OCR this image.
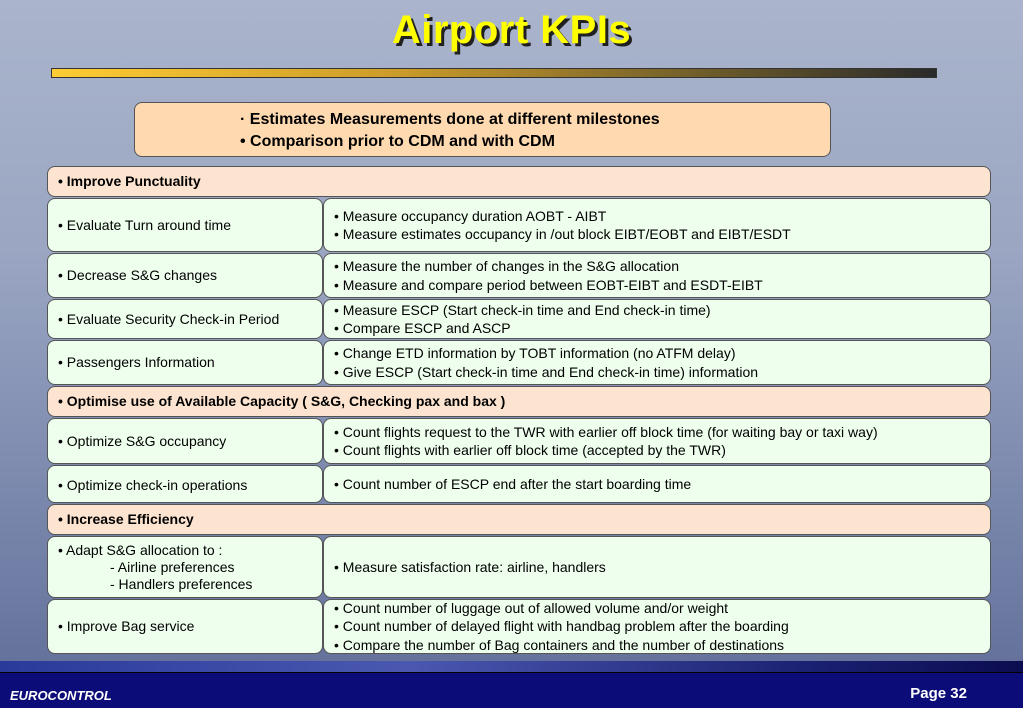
Airport KPIs
· Estimates Measurements done at different milestones
• Comparison prior to CDM and with CDM
• Improve Punctuality
• Evaluate Turn around time
• Measure occupancy duration AOBT - AIBT
• Measure estimates occupancy in /out block EIBT/EOBT and EIBT/ESDT
• Decrease S&G changes
• Measure the number of changes in the S&G allocation
• Measure and compare period between EOBT-EIBT and ESDT-EIBT
• Evaluate Security Check-in Period
• Measure ESCP (Start check-in time and End check-in time)
• Compare ESCP and ASCP
• Passengers Information
• Change ETD information by TOBT information (no ATFM delay)
• Give ESCP (Start check-in time and End check-in time) information
• Optimise use of Available Capacity ( S&G, Checking pax and bax )
• Optimize S&G occupancy
• Count flights request to the TWR with earlier off block time (for waiting bay or taxi way)
• Count flights with earlier off block time (accepted by the TWR)
• Optimize check-in operations	• Count number of ESCP end after the start boarding time
• Increase Efficiency
• Adapt S&G allocation to :
- Airline preferences
- Handlers preferences
• Measure satisfaction rate: airline, handlers
• Improve Bag service
• Count number of luggage out of allowed volume and/or weight
• Count number of delayed flight with handbag problem after the boarding
• Compare the number of Bag containers and the number of destinations
EUROCONTROL	Page 32
